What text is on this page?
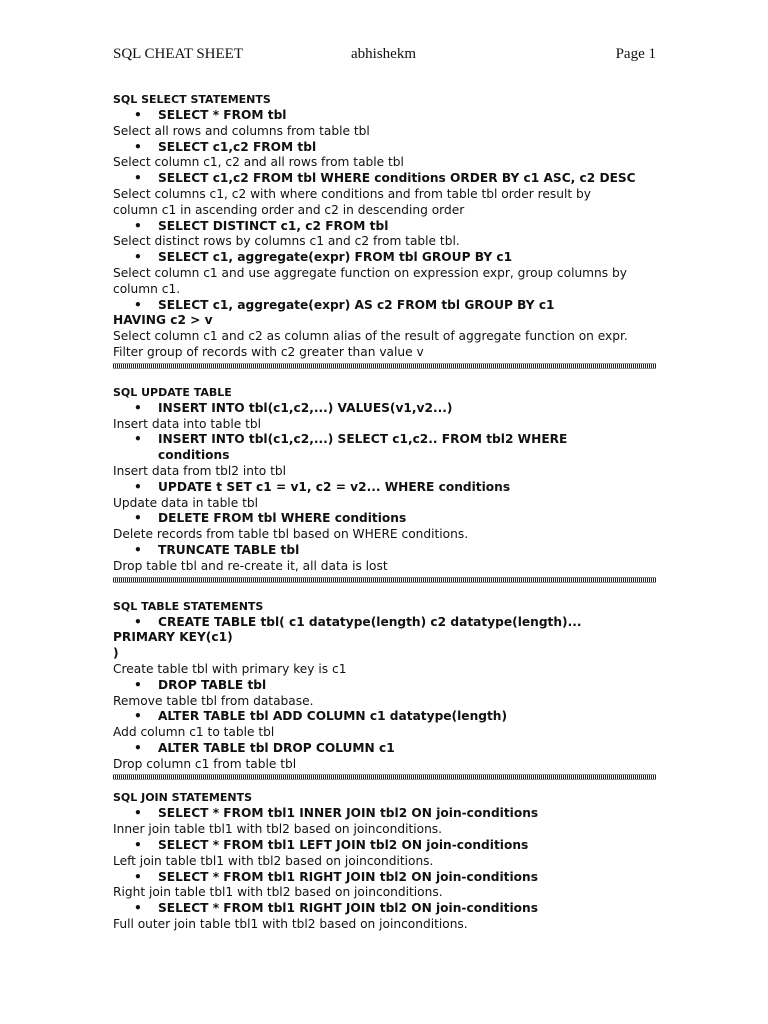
SQL CHEAT SHEET	abhishekm	Page 1
SQL SELECT STATEMENTS
• SELECT * FROM tbl
Select all rows and columns from table tbl
• SELECT c1,c2 FROM tbl
Select column c1, c2 and all rows from table tbl
• SELECT c1,c2 FROM tbl WHERE conditions ORDER BY c1 ASC, c2 DESC
Select columns c1, c2 with where conditions and from table tbl order result by
column c1 in ascending order and c2 in descending order
• SELECT DISTINCT c1, c2 FROM tbl
Select distinct rows by columns c1 and c2 from table tbl.
• SELECT c1, aggregate(expr) FROM tbl GROUP BY c1
Select column c1 and use aggregate function on expression expr, group columns by
column c1.
• SELECT c1, aggregate(expr) AS c2 FROM tbl GROUP BY c1
HAVING c2 > v
Select column c1 and c2 as column alias of the result of aggregate function on expr.
Filter group of records with c2 greater than value v
SQL UPDATE TABLE
• INSERT INTO tbl(c1,c2,...) VALUES(v1,v2...)
Insert data into table tbl
• INSERT INTO tbl(c1,c2,...) SELECT c1,c2.. FROM tbl2 WHERE
conditions
Insert data from tbl2 into tbl
• UPDATE t SET c1 = v1, c2 = v2... WHERE conditions
Update data in table tbl
• DELETE FROM tbl WHERE conditions
Delete records from table tbl based on WHERE conditions.
• TRUNCATE TABLE tbl
Drop table tbl and re-create it, all data is lost
SQL TABLE STATEMENTS
• CREATE TABLE tbl( c1 datatype(length) c2 datatype(length)...
PRIMARY KEY(c1)
)
Create table tbl with primary key is c1
• DROP TABLE tbl
Remove table tbl from database.
• ALTER TABLE tbl ADD COLUMN c1 datatype(length)
Add column c1 to table tbl
• ALTER TABLE tbl DROP COLUMN c1
Drop column c1 from table tbl
SQL JOIN STATEMENTS
• SELECT * FROM tbl1 INNER JOIN tbl2 ON join-conditions
Inner join table tbl1 with tbl2 based on joinconditions.
• SELECT * FROM tbl1 LEFT JOIN tbl2 ON join-conditions
Left join table tbl1 with tbl2 based on joinconditions.
• SELECT * FROM tbl1 RIGHT JOIN tbl2 ON join-conditions
Right join table tbl1 with tbl2 based on joinconditions.
• SELECT * FROM tbl1 RIGHT JOIN tbl2 ON join-conditions
Full outer join table tbl1 with tbl2 based on joinconditions.
